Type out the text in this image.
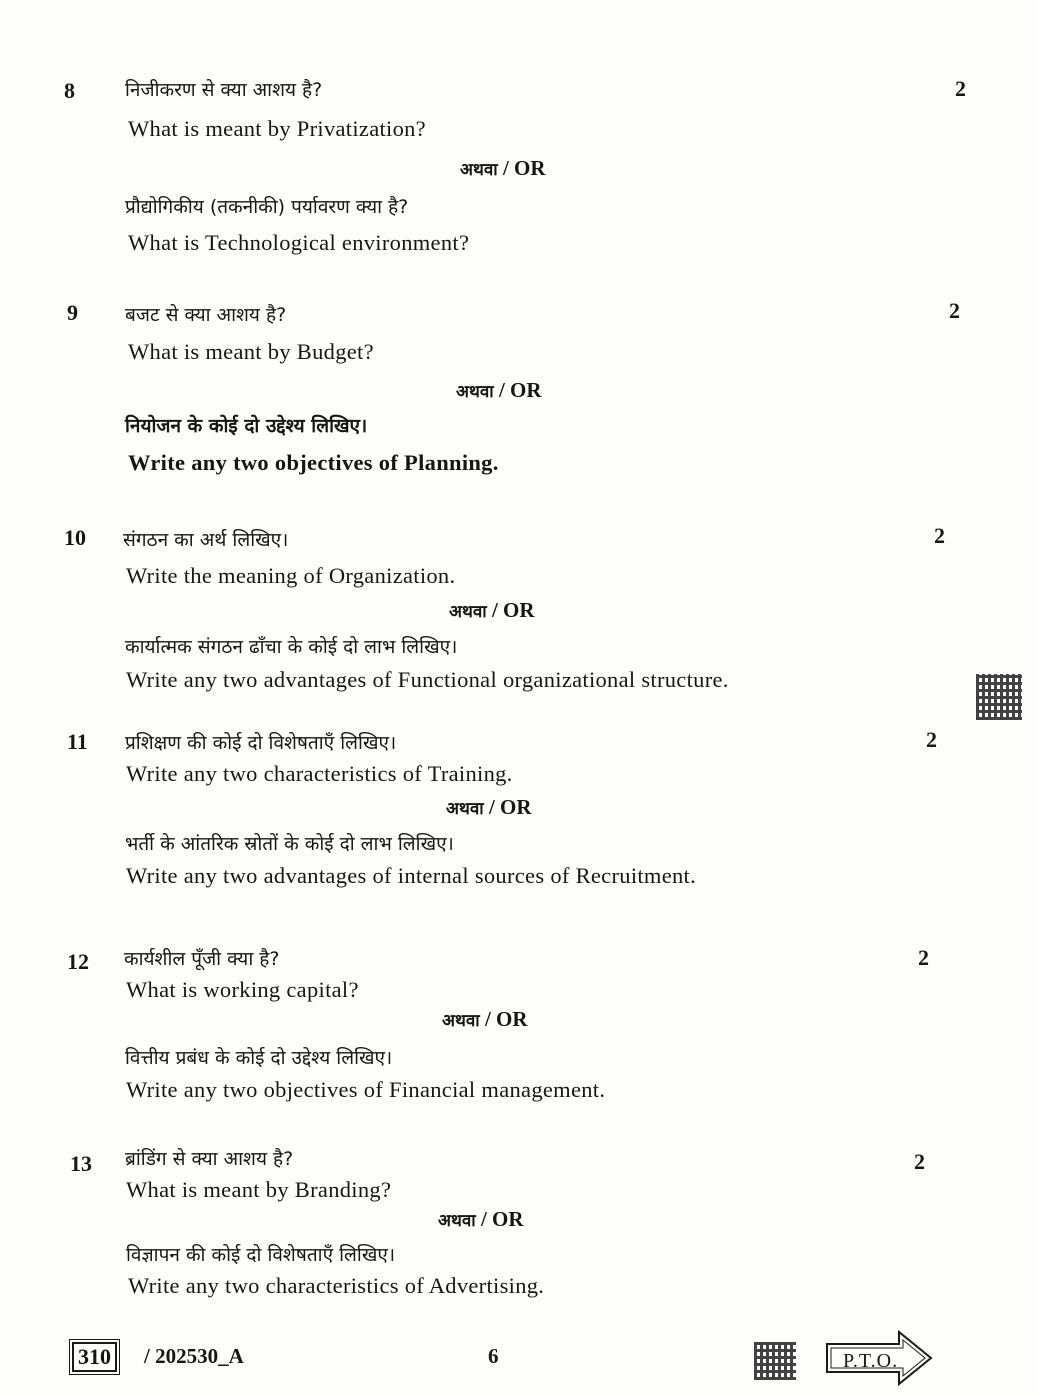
8	2
निजीकरण से क्या आशय है?
What is meant by Privatization?
अथवा / OR
प्रौद्योगिकीय (तकनीकी) पर्यावरण क्या है?
What is Technological environment?
9	2
बजट से क्या आशय है?
What is meant by Budget?
अथवा / OR
नियोजन के कोई दो उद्देश्य लिखिए।
Write any two objectives of Planning.
10	2
संगठन का अर्थ लिखिए।
Write the meaning of Organization.
अथवा / OR
कार्यात्मक संगठन ढाँचा के कोई दो लाभ लिखिए।
Write any two advantages of Functional organizational structure.
11	2
प्रशिक्षण की कोई दो विशेषताएँ लिखिए।
Write any two characteristics of Training.
अथवा / OR
भर्ती के आंतरिक स्रोतों के कोई दो लाभ लिखिए।
Write any two advantages of internal sources of Recruitment.
12	2
कार्यशील पूँजी क्या है?
What is working capital?
अथवा / OR
वित्तीय प्रबंध के कोई दो उद्देश्य लिखिए।
Write any two objectives of Financial management.
13	2
ब्रांडिंग से क्या आशय है?
What is meant by Branding?
अथवा / OR
विज्ञापन की कोई दो विशेषताएँ लिखिए।
Write any two characteristics of Advertising.
310 / 202530_A	6	P.T.O.
